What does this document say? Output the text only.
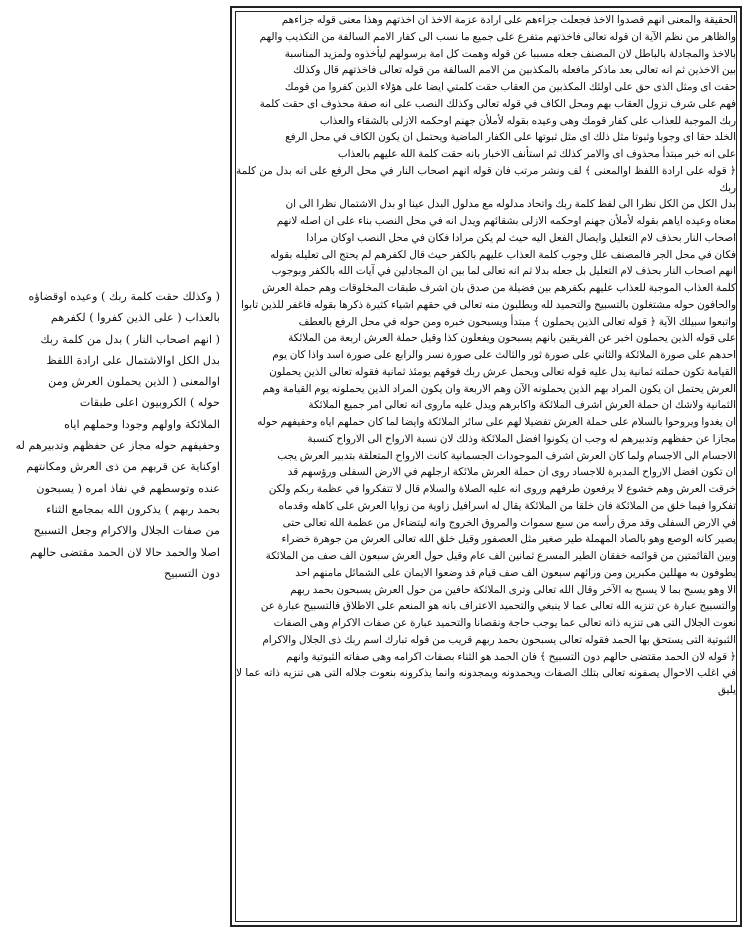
الحقيقة والمعنى انهم قصدوا الاخذ فجعلت جزاءهم على ارادة عزمة الاخذ ان اخذتهم وهذا معنى قوله جزاءهم

والظاهر من نظم الآية ان قوله تعالى فاخذتهم متفرع على جميع ما نسب الى كفار الامم السالفة من التكذيب والهم

بالاخذ والمجادلة بالباطل لان المصنف جعله مسببا عن قوله وهمت كل امة برسولهم ليأخذوه ولمزيد المناسبة

بين الاخذين ثم انه تعالى بعد ماذكر مافعله بالمكذبين من الامم السالفة من قوله تعالى فاخذتهم قال وكذلك

حقت اى ومثل الذى حق على اولئك المكذبين من العقاب حقت كلمتي ايضا على هؤلاء الذين كفروا من قومك

فهم على شرف نزول العقاب بهم ومحل الكاف في قوله تعالى وكذلك النصب على انه صفة محذوف اى حقت كلمة

ربك الموجبة للعذاب على كفار قومك وهى وعيده بقوله لأملأن جهنم اوحكمه الازلى بالشقاء والعذاب

الخلد حقا اى وجوبا وثبوتا مثل ذلك اى مثل ثبوتها على الكفار الماضية ويحتمل ان يكون الكاف في محل الرفع

على انه خبر مبتدأ محذوف اى والامر كذلك ثم استأنف الاخبار بانه حقت كلمة الله عليهم بالعذاب

﴿ قوله على ارادة اللفظ اوالمعنى ﴾ لف ونشر مرتب فان قوله انهم اصحاب النار في محل الرفع على انه بدل من كلمة ربك

بدل الكل من الكل نظرا الى لفظ كلمة ربك واتحاد مدلوله مع مدلول البدل عينا او بدل الاشتمال نظرا الى ان

معناه وعيده اياهم بقوله لأملأن جهنم اوحكمه الازلى بشقائهم ويدل انه في محل النصب بناء على ان اصله لانهم

اصحاب النار بحذف لام التعليل وايصال الفعل اليه حيث لم يكن مرادا فكان في محل النصب اوكان مرادا

فكان في محل الجر فالمصنف علل وجوب كلمة العذاب عليهم بالكفر حيث قال لكفرهم لم يحتج الى تعليله بقوله

انهم اصحاب النار بحذف لام التعليل بل جعله بدلا ثم انه تعالى لما بين ان المجادلين في آيات الله بالكفر وبوجوب

كلمة العذاب الموجبة للعذاب عليهم بكفرهم بين فضيلة من صدق بان اشرف طبقات المخلوقات وهم حملة العرش

والحافون حوله مشتغلون بالتسبيح والتحميد لله وبطلبون منه تعالى في حقهم اشياء كثيرة ذكرها بقوله فاغفر للذين تابوا

واتبعوا سبيلك الآية ﴿ قوله تعالى الذين يحملون ﴾ مبتدأ ويسبحون خبره ومن حوله في محل الرفع بالعطف

على قوله الذين يحملون اخبر عن الفريقين بانهم يسبحون ويفعلون كذا وقيل حملة العرش اربعة من الملائكة

احدهم على صورة الملائكة والثاني على صورة ثور والثالث على صورة نسر والرابع على صورة اسد واذا كان يوم

القيامة تكون حملته ثمانية يدل عليه قوله تعالى ويحمل عرش ربك فوقهم يومئذ ثمانية فقوله تعالى الذين يحملون

العرش يحتمل ان يكون المراد بهم الذين يحملونه الآن وهم الاربعة وان يكون المراد الذين يحملونه يوم القيامة وهم

الثمانية ولاشك ان حملة العرش اشرف الملائكة واكابرهم ويدل عليه ماروى انه تعالى امر جميع الملائكة

ان يغدوا ويروحوا بالسلام على حملة العرش تفضيلا لهم على سائر الملائكة وايضا لما كان حملهم اياه وحفيفهم حوله

مجازا عن حفظهم وتدبيرهم له وجب ان يكونوا افضل الملائكة وذلك لان نسبة الارواح الى الارواح كنسبة

الاجسام الى الاجسام ولما كان العرش اشرف الموجودات الجسمانية كانت الارواح المتعلقة بتدبير العرش يجب

ان تكون افضل الارواح المدبرة للاجساد روى ان حملة العرش ملائكة ارجلهم في الارض السفلى ورؤسهم قد

خرقت العرش وهم خشوع لا يرفعون طرفهم وروى انه عليه الصلاة والسلام قال لا تتفكروا في عظمة ربكم ولكن

تفكروا فيما خلق من الملائكة فان خلقا من الملائكة يقال له اسرافيل زاوية من زوايا العرش على كاهله وقدماه

في الارض السفلى وقد مرق رأسه من سبع سموات والمروق الخروج وانه ليتضاءل من عظمة الله تعالى حتى

يصير كانه الوصع وهو بالصاد المهملة طير صغير مثل العصفور وقيل خلق الله تعالى العرش من جوهرة خضراء

وبين القائمتين من قوائمه خفقان الطير المسرع ثمانين الف عام وقيل حول العرش سبعون الف صف من الملائكة

يطوفون به مهللين مكبرين ومن ورائهم سبعون الف صف قيام قد وضعوا الايمان على الشمائل مامنهم احد

الا وهو يسبح بما لا يسبح به الآخر وقال الله تعالى وترى الملائكة حافين من حول العرش يسبحون بحمد ربهم

والتسبيح عبارة عن تنزيه الله تعالى عما لا ينبغي والتحميد الاعتراف بانه هو المنعم على الاطلاق فالتسبيح عبارة عن

نعوت الجلال التى هى تنزيه ذاته تعالى عما يوجب حاجة ونقصانا والتحميد عبارة عن صفات الاكرام وهى الصفات

الثبوتية التى يستحق بها الحمد فقوله تعالى يسبحون بحمد ربهم قريب من قوله تبارك اسم ربك ذى الجلال والاكرام

﴿ قوله لان الحمد مقتضى حالهم دون التسبيح ﴾ فان الحمد هو الثناء بصفات اكرامه وهى صفاته الثبوتية وانهم

في اغلب الاحوال يصفونه تعالى بتلك الصفات ويحمدونه ويمجدونه وانما يذكرونه بنعوت جلاله التى هى تنزيه ذاته عما لا يليق

( وكذلك حقت كلمة ربك ) وعيده اوقضاؤه

بالعذاب ( على الذين كفروا ) لكفرهم

( انهم اصحاب النار ) بدل من كلمة ربك

بدل الكل اوالاشتمال على ارادة اللفظ

اوالمعنى ( الذين يحملون العرش ومن

حوله ) الكروبيون اعلى طبقات

الملائكة واولهم وجودا وحملهم اياه

وحفيفهم حوله مجاز عن حفظهم وتدبيرهم له

اوكناية عن قربهم من ذى العرش ومكانتهم

عنده وتوسطهم في نفاذ امره ( يسبحون

بحمد ربهم ) يذكرون الله بمجامع الثناء

من صفات الجلال والاكرام وجعل التسبيح

اصلا والحمد حالا لان الحمد مقتضى حالهم

دون التسبيح
